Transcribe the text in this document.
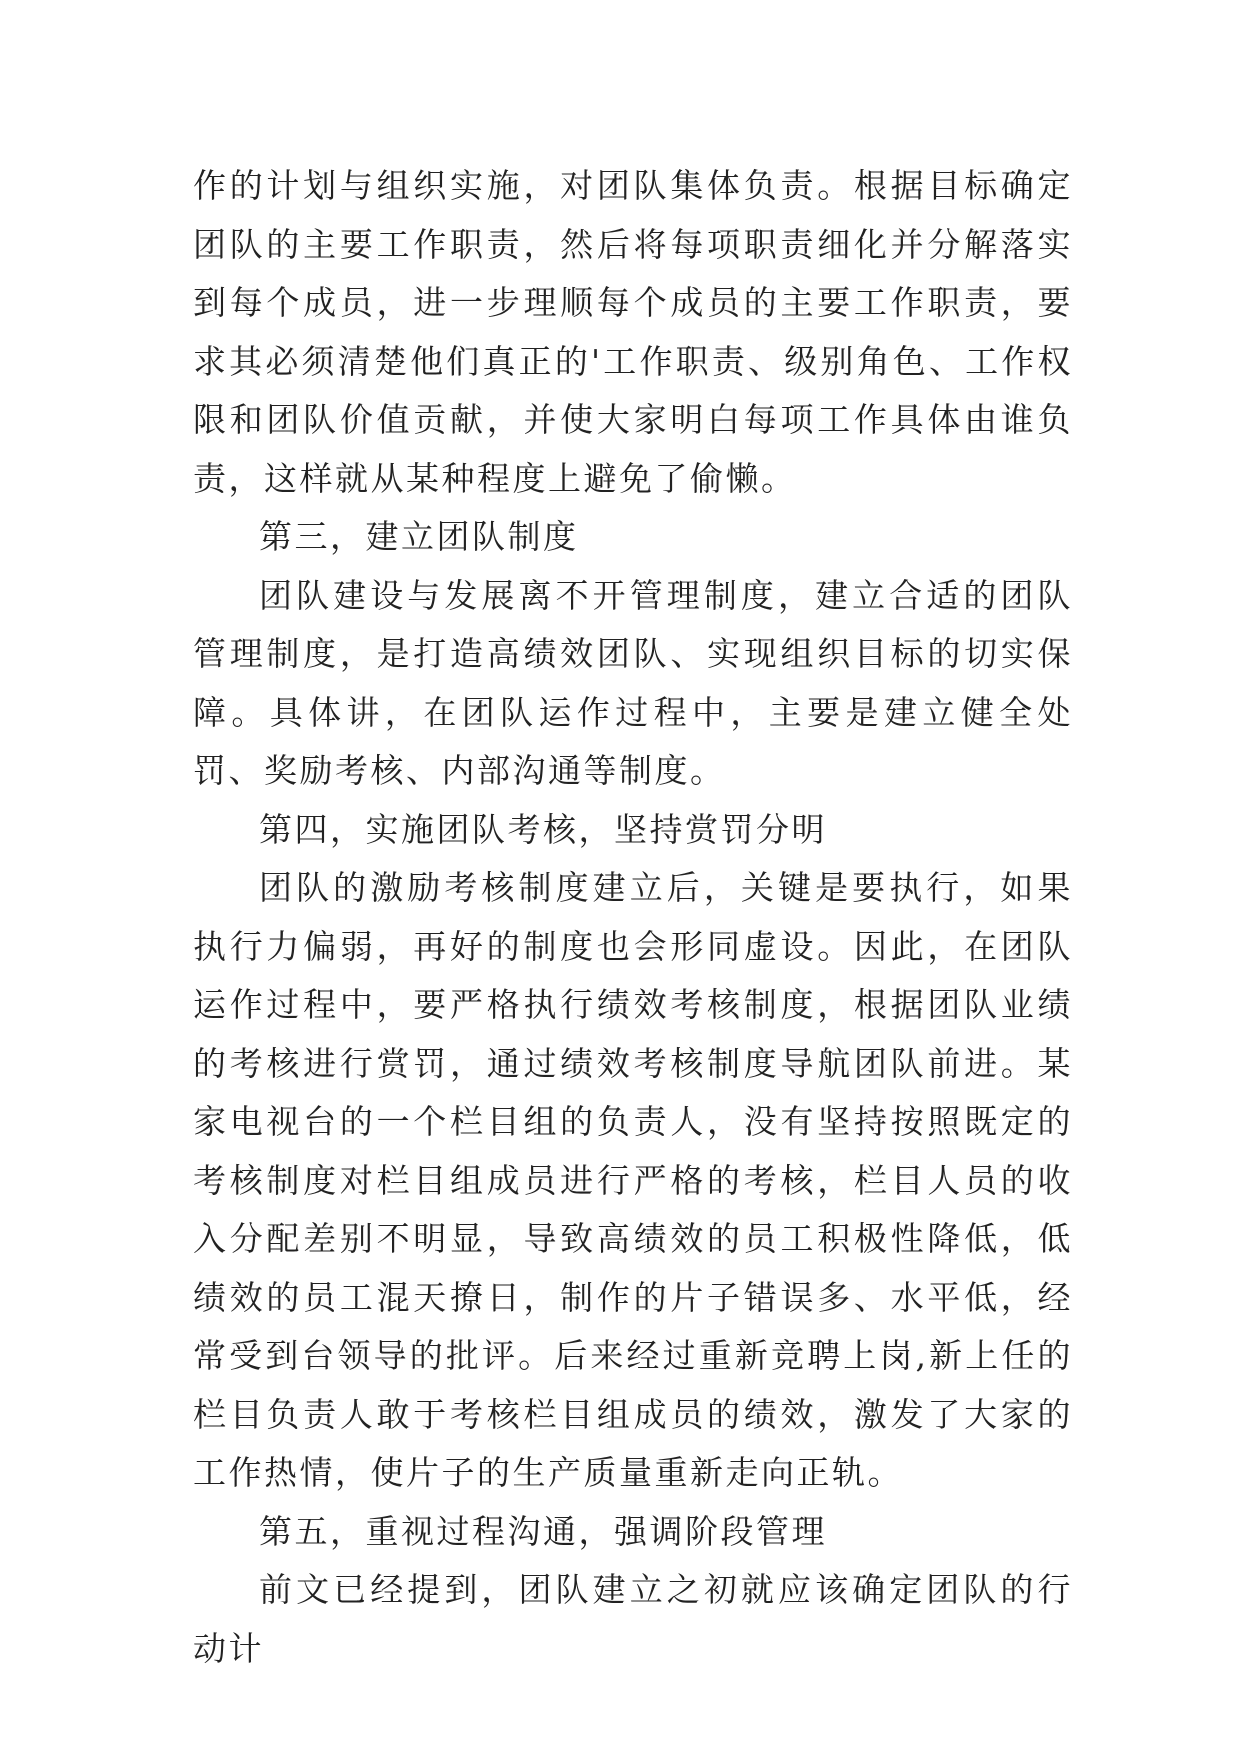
作的计划与组织实施，对团队集体负责。根据目标确定团队的主要工作职责，然后将每项职责细化并分解落实到每个成员，进一步理顺每个成员的主要工作职责，要求其必须清楚他们真正的'工作职责、级别角色、工作权限和团队价值贡献，并使大家明白每项工作具体由谁负责，这样就从某种程度上避免了偷懒。

第三，建立团队制度

团队建设与发展离不开管理制度，建立合适的团队管理制度，是打造高绩效团队、实现组织目标的切实保障。具体讲，在团队运作过程中，主要是建立健全处罚、奖励考核、内部沟通等制度。

第四，实施团队考核，坚持赏罚分明

团队的激励考核制度建立后，关键是要执行，如果执行力偏弱，再好的制度也会形同虚设。因此，在团队运作过程中，要严格执行绩效考核制度，根据团队业绩的考核进行赏罚，通过绩效考核制度导航团队前进。某家电视台的一个栏目组的负责人，没有坚持按照既定的考核制度对栏目组成员进行严格的考核，栏目人员的收入分配差别不明显，导致高绩效的员工积极性降低，低绩效的员工混天撩日，制作的片子错误多、水平低，经常受到台领导的批评。后来经过重新竞聘上岗,新上任的栏目负责人敢于考核栏目组成员的绩效，激发了大家的工作热情，使片子的生产质量重新走向正轨。

第五，重视过程沟通，强调阶段管理

前文已经提到，团队建立之初就应该确定团队的行动计
